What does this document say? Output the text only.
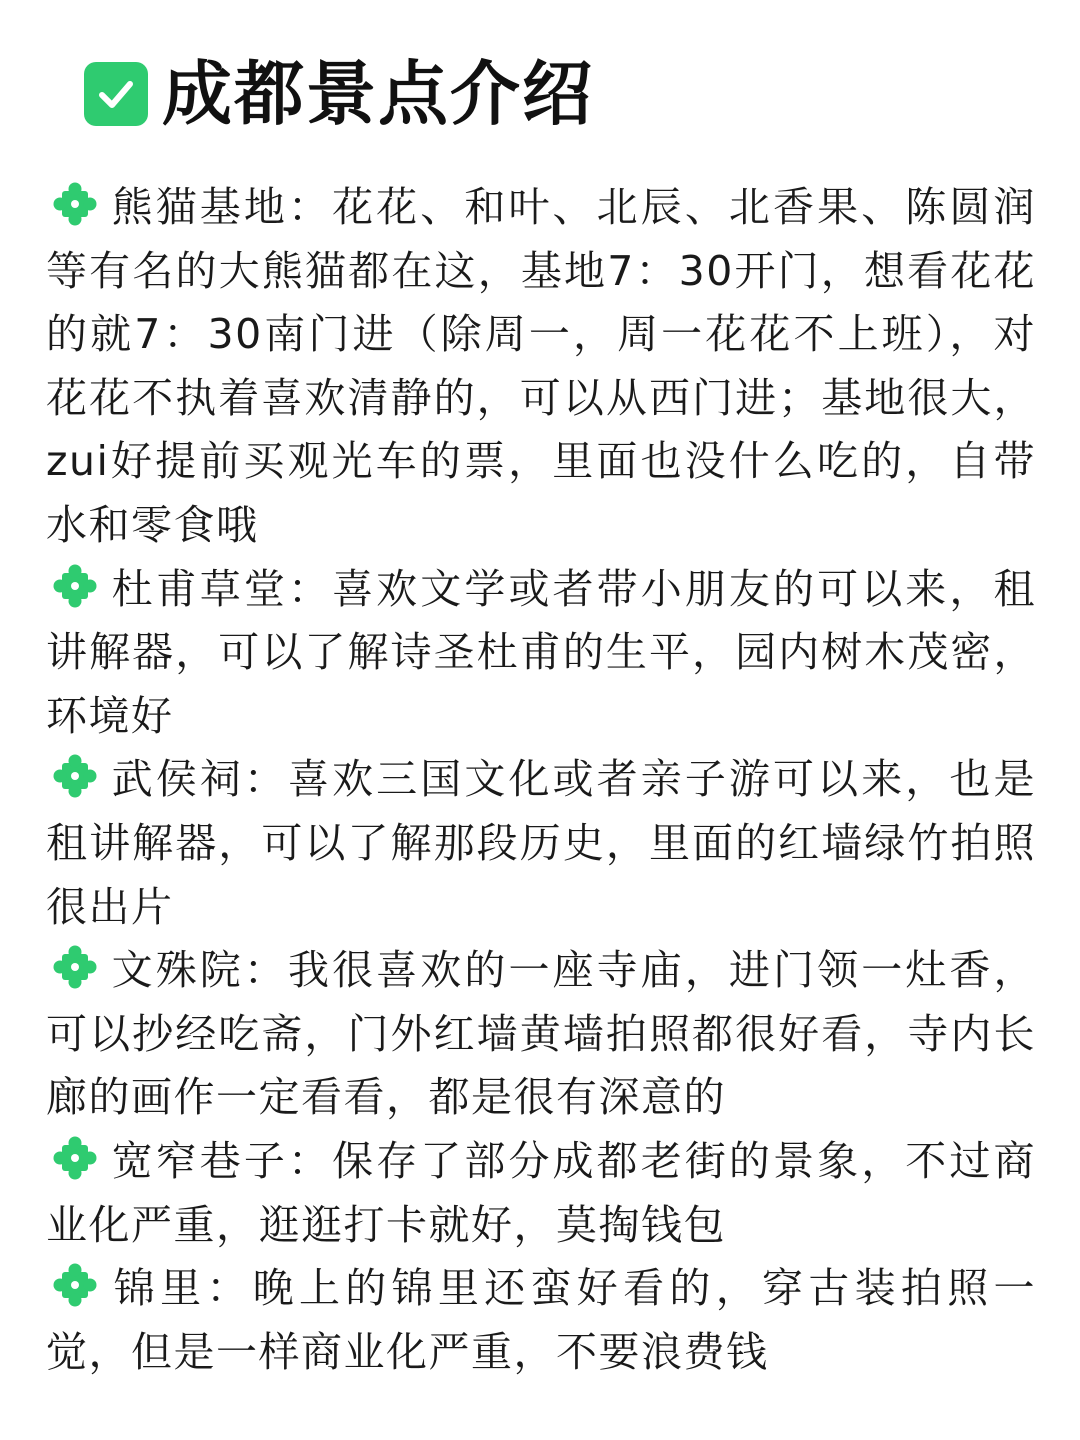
成都景点介绍

熊猫基地：花花、和叶、北辰、北香果、陈圆润等有名的大熊猫都在这，基地7：30开门，想看花花的就7：30南门进（除周一，周一花花不上班），对花花不执着喜欢清静的，可以从西门进；基地很大，zui好提前买观光车的票，里面也没什么吃的，自带水和零食哦

杜甫草堂：喜欢文学或者带小朋友的可以来，租讲解器，可以了解诗圣杜甫的生平，园内树木茂密，环境好

武侯祠：喜欢三国文化或者亲子游可以来，也是租讲解器，可以了解那段历史，里面的红墙绿竹拍照很出片

文殊院：我很喜欢的一座寺庙，进门领一灶香，可以抄经吃斋，门外红墙黄墙拍照都很好看，寺内长廊的画作一定看看，都是很有深意的

宽窄巷子：保存了部分成都老街的景象，不过商业化严重，逛逛打卡就好，莫掏钱包

锦里：晚上的锦里还蛮好看的，穿古装拍照一觉，但是一样商业化严重，不要浪费钱
